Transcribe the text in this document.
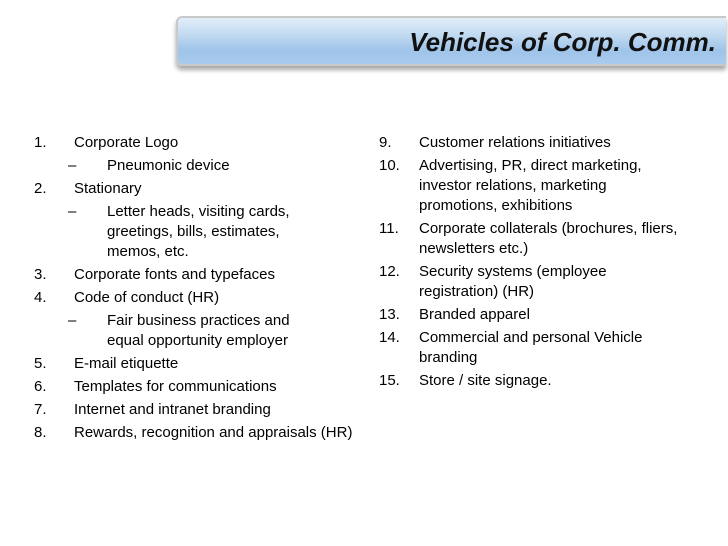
Vehicles of Corp. Comm.
1. Corporate Logo
– Pneumonic device
2. Stationary
– Letter heads, visiting cards, greetings, bills, estimates, memos, etc.
3. Corporate fonts and typefaces
4. Code of conduct (HR)
– Fair business practices and equal opportunity employer
5. E-mail etiquette
6. Templates for communications
7. Internet and intranet branding
8. Rewards, recognition and appraisals (HR)
9. Customer relations initiatives
10. Advertising, PR, direct marketing, investor relations, marketing promotions, exhibitions
11. Corporate collaterals (brochures, fliers, newsletters etc.)
12. Security systems (employee registration) (HR)
13. Branded apparel
14. Commercial and personal Vehicle branding
15. Store / site signage.
